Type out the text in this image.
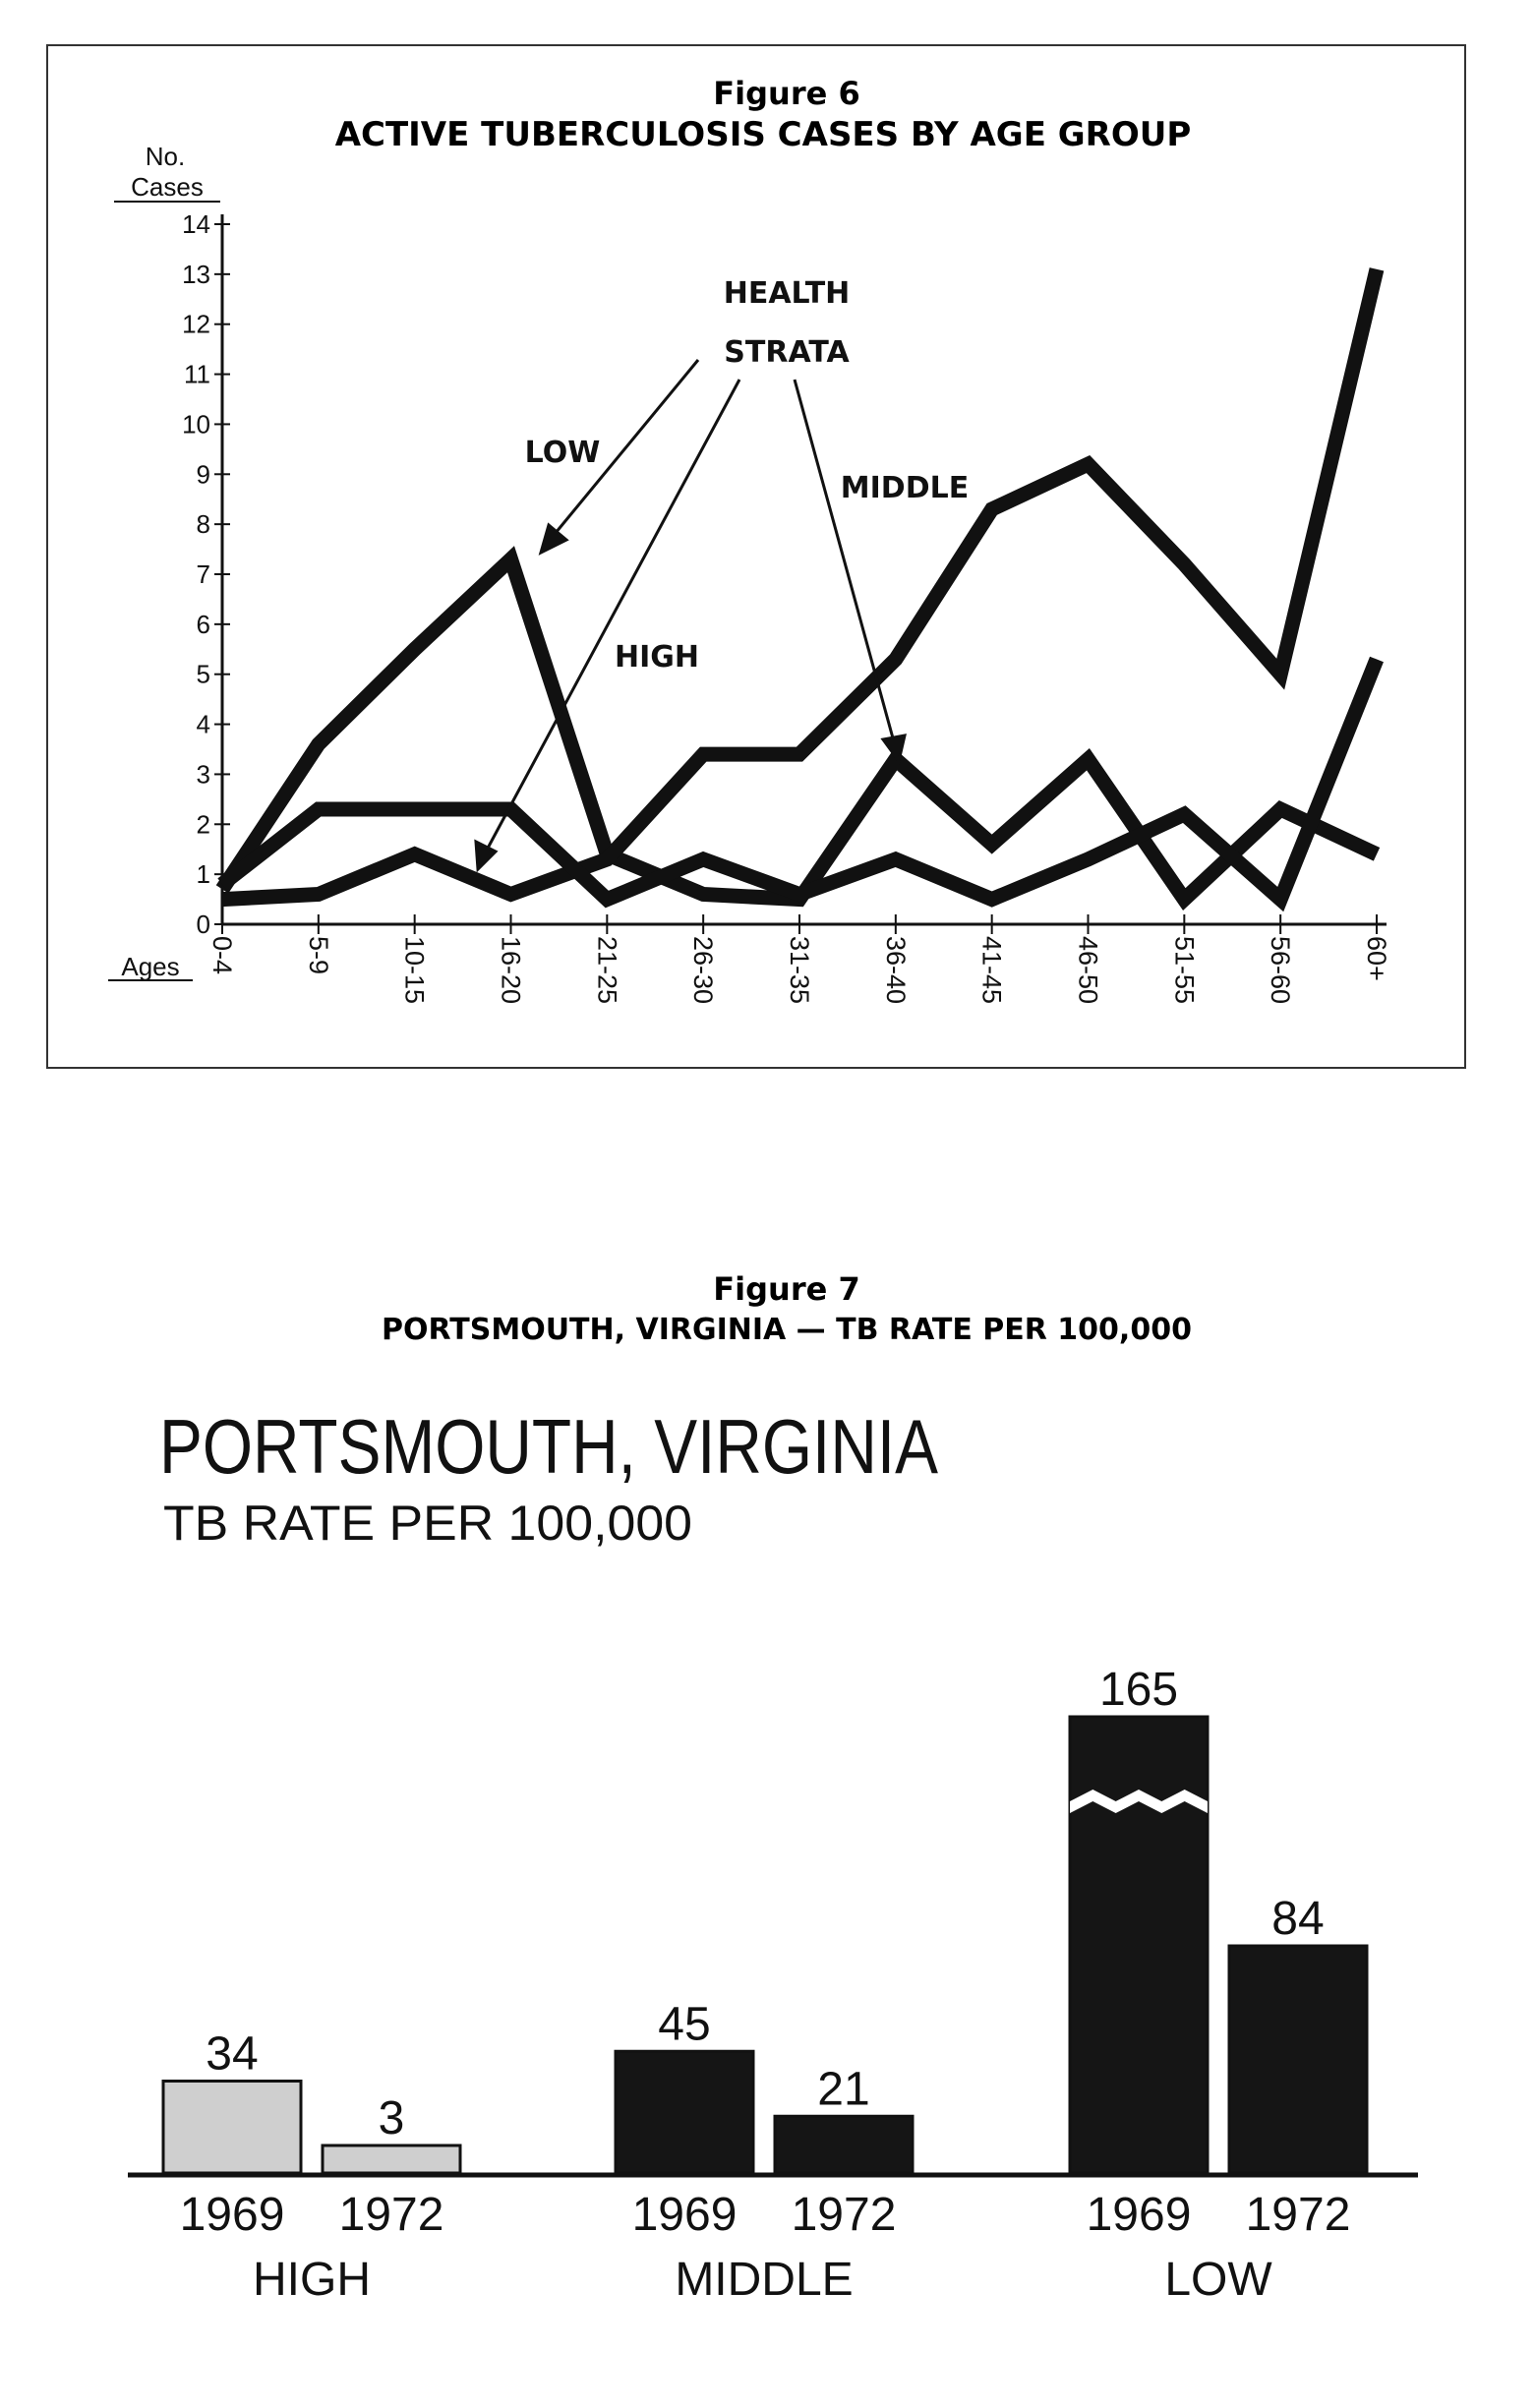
Figure 6
ACTIVE TUBERCULOSIS CASES BY AGE GROUP
No.
Cases
Ages
0
1
2
3
4
5
6
7
8
9
10
11
12
13
14
0-4	5-9	10-15	16-20	21-25	26-30	31-35	36-40	41-45	46-50	51-55	56-60	60+
HEALTH
STRATA
LOW
MIDDLE
HIGH
Figure 7
PORTSMOUTH, VIRGINIA — TB RATE PER 100,000
PORTSMOUTH, VIRGINIA
TB RATE PER 100,000
34
1969
3
1972
HIGH
45
1969
21
1972
MIDDLE
165
1969
84
1972
LOW
